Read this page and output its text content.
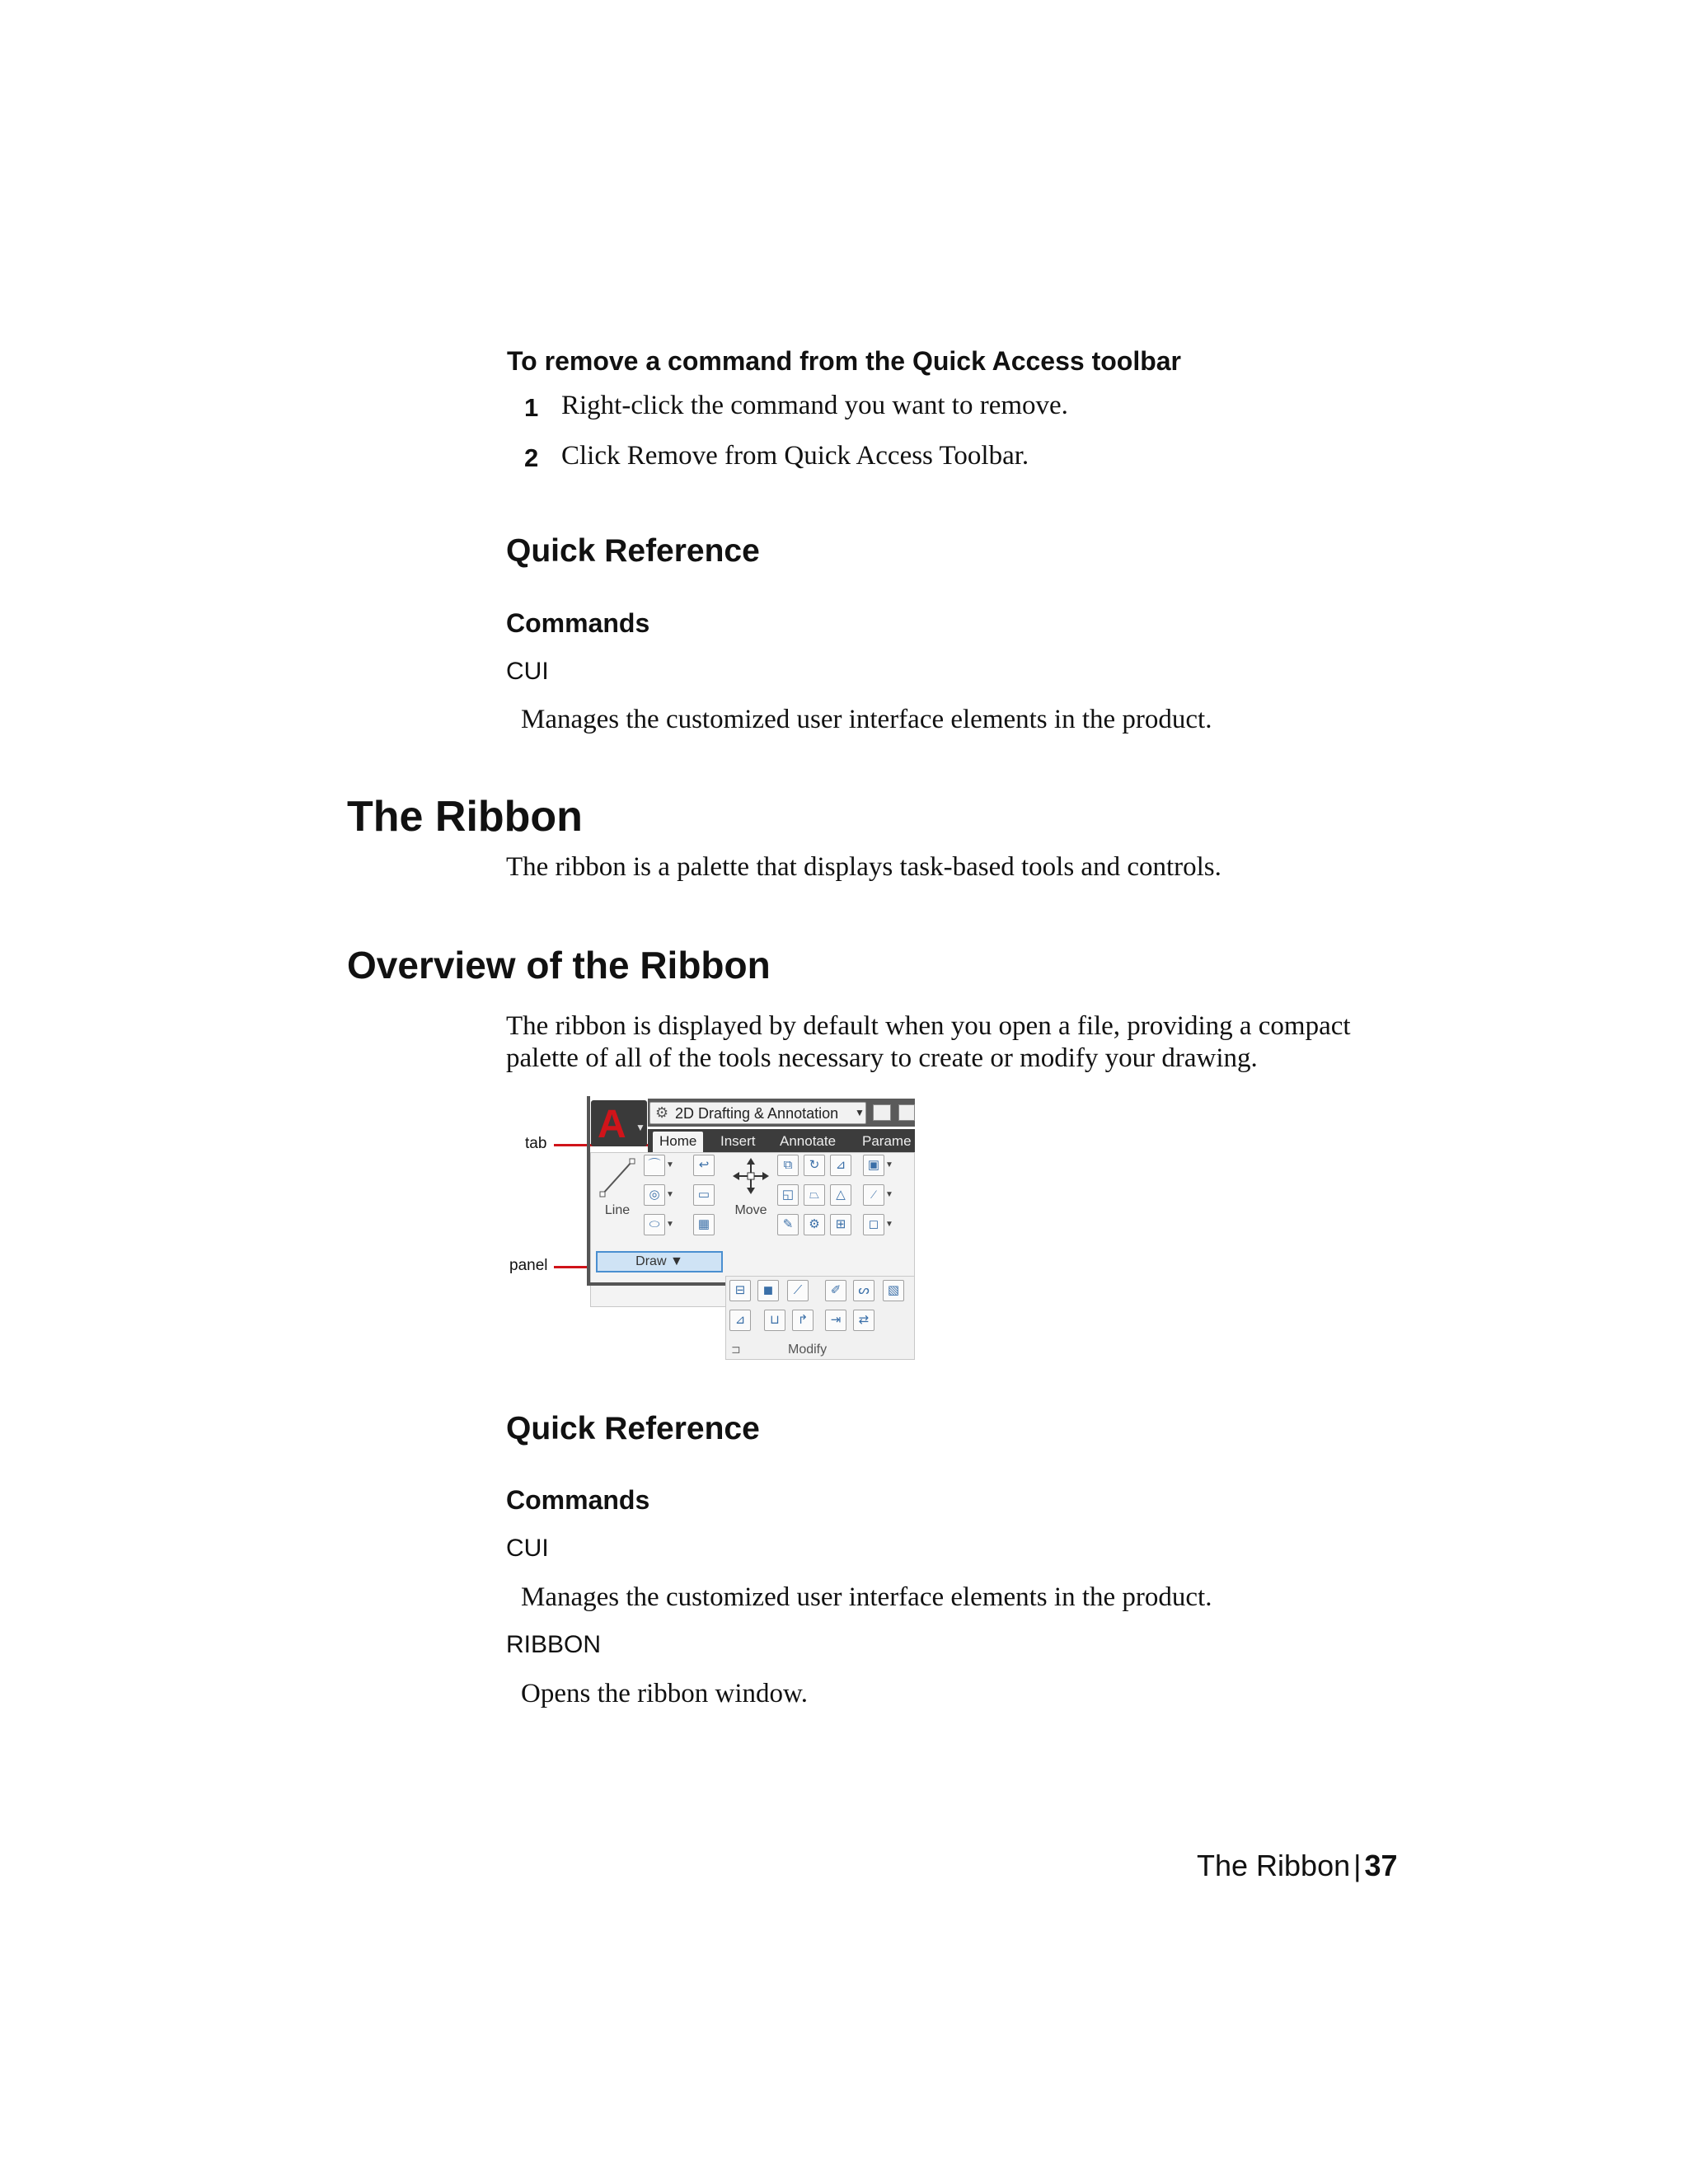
To remove a command from the Quick Access toolbar
1 Right-click the command you want to remove.
2 Click Remove from Quick Access Toolbar.
Quick Reference
Commands
CUI
Manages the customized user interface elements in the product.
The Ribbon
The ribbon is a palette that displays task-based tools and controls.
Overview of the Ribbon
The ribbon is displayed by default when you open a file, providing a compact palette of all of the tools necessary to create or modify your drawing.
tab
panel
A ▼
⚙ 2D Drafting & Annotation ▼
Home	Insert	Annotate	Parame
Line
⌒ ▼	↩
◎ ▼	▭
⬭ ▼	▦
Move
⧉	↻	⊿	▣ ▼
◱	⏢	△	⁄	▼
✎	⚙	⊞	◻ ▼
Draw ▼
⊟	◼	⟋	✐	ᔕ	▧
⊿	⊔	↱	⇥	⇄
⊐	Modify
Quick Reference
Commands
CUI
Manages the customized user interface elements in the product.
RIBBON
Opens the ribbon window.
The Ribbon | 37
